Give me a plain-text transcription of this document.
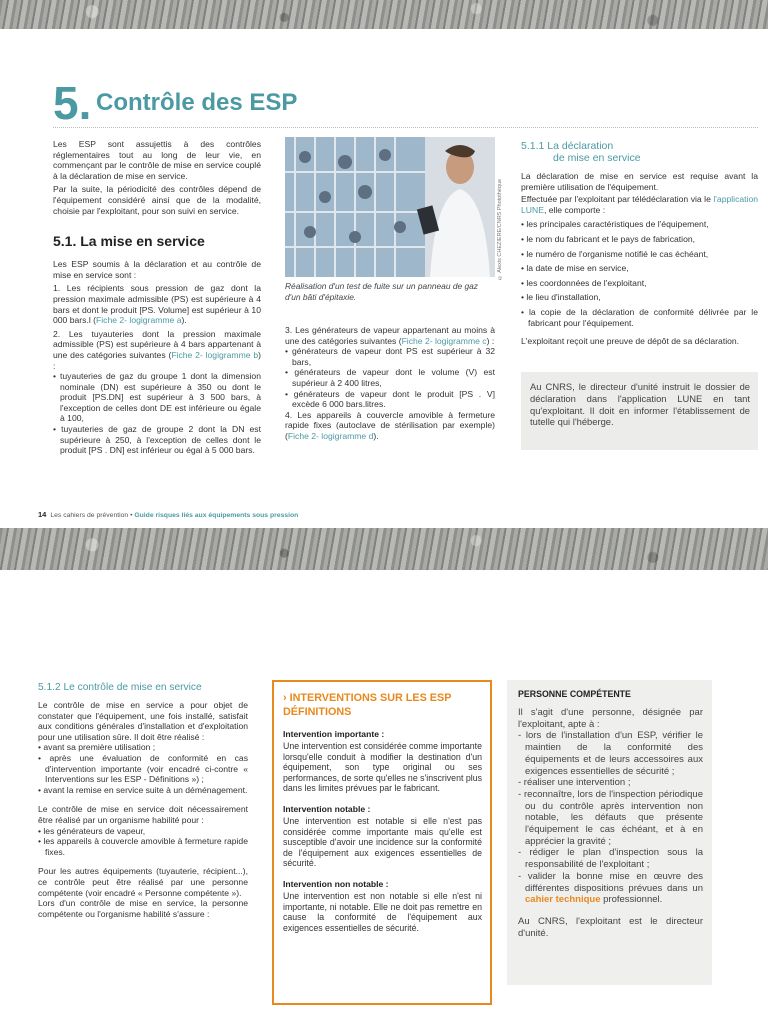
5. Contrôle des ESP

Les ESP sont assujettis à des contrôles réglementaires tout au long de leur vie, en commençant par le contrôle de mise en service couplé à la déclaration de mise en service.

Par la suite, la périodicité des contrôles dépend de l'équipement considéré ainsi que de la modalité, choisie par l'exploitant, pour son suivi en service.

5.1. La mise en service

Les ESP soumis à la déclaration et au contrôle de mise en service sont :

1. Les récipients sous pression de gaz dont la pression maximale admissible (PS) est supérieure à 4 bars et dont le produit [PS. Volume] est supérieur à 10 000 bars.l (Fiche 2- logigramme a).

2. Les tuyauteries dont la pression maximale admissible (PS) est supérieure à 4 bars appartenant à une des catégories suivantes (Fiche 2- logigramme b) :

• tuyauteries de gaz du groupe 1 dont la dimension nominale (DN) est supérieure à 350 ou dont le produit [PS.DN] est supérieur à 3 500 bars, à l'exception de celles dont DE est inférieure ou égale à 100,

• tuyauteries de gaz de groupe 2 dont la DN est supérieure à 250, à l'exception de celles dont le produit [PS . DN] est inférieur ou égal à 5 000 bars.

© Alexis CHEZIERE/CNRS Photothèque
Réalisation d'un test de fuite sur un panneau de gaz d'un bâti d'épitaxie.

3. Les générateurs de vapeur appartenant au moins à une des catégories suivantes (Fiche 2- logigramme c) :

• générateurs de vapeur dont PS est supérieur à 32 bars,

• générateurs de vapeur dont le volume (V) est supérieur à 2 400 litres,

• générateurs de vapeur dont le produit [PS . V] excède 6 000 bars.litres.

4. Les appareils à couvercle amovible à fermeture rapide fixes (autoclave de stérilisation par exemple) (Fiche 2- logigramme d).

5.1.1 La déclaration
de mise en service

La déclaration de mise en service est requise avant la première utilisation de l'équipement.

Effectuée par l'exploitant par télédéclaration via le l'application LUNE, elle comporte :

• les principales caractéristiques de l'équipement,

• le nom du fabricant et le pays de fabrication,

• le numéro de l'organisme notifié le cas échéant,

• la date de mise en service,

• les coordonnées de l'exploitant,

• le lieu d'installation,

• la copie de la déclaration de conformité délivrée par le fabricant pour l'équipement.

L'exploitant reçoit une preuve de dépôt de sa déclaration.

Au CNRS, le directeur d'unité instruit le dossier de déclaration dans l'application LUNE en tant qu'exploitant. Il doit en informer l'établissement de tutelle qui l'héberge.

14 Les cahiers de prévention • Guide risques liés aux équipements sous pression
5.1.2 Le contrôle de mise en service

Le contrôle de mise en service a pour objet de constater que l'équipement, une fois installé, satisfait aux conditions générales d'installation et d'exploitation pour une utilisation sûre. Il doit être réalisé :

• avant sa première utilisation ;

• après une évaluation de conformité en cas d'intervention importante (voir encadré ci-contre « Interventions sur les ESP - Définitions ») ;

• avant la remise en service suite à un déménagement.

Le contrôle de mise en service doit nécessairement être réalisé par un organisme habilité pour :

• les générateurs de vapeur,

• les appareils à couvercle amovible à fermeture rapide fixes.

Pour les autres équipements (tuyauterie, récipient...), ce contrôle peut être réalisé par une personne compétente (voir encadré « Personne compétente »).

Lors d'un contrôle de mise en service, la personne compétente ou l'organisme habilité s'assure :

› INTERVENTIONS SUR LES ESP DÉFINITIONS
Intervention importante :

Une intervention est considérée comme importante lorsqu'elle conduit à modifier la destination d'un équipement, son type original ou ses performances, de sorte qu'elles ne s'inscrivent plus dans les limites prévues par le fabricant.

Intervention notable :

Une intervention est notable si elle n'est pas considérée comme importante mais qu'elle est susceptible d'avoir une incidence sur la conformité de l'équipement aux exigences essentielles de sécurité.

Intervention non notable :

Une intervention est non notable si elle n'est ni importante, ni notable. Elle ne doit pas remettre en cause la conformité de l'équipement aux exigences essentielles de sécurité.

PERSONNE COMPÉTENTE

Il s'agit d'une personne, désignée par l'exploitant, apte à :

- lors de l'installation d'un ESP, vérifier le maintien de la conformité des équipements et de leurs accessoires aux exigences essentielles de sécurité ;

- réaliser une intervention ;

- reconnaître, lors de l'inspection périodique ou du contrôle après intervention non notable, les défauts que présente l'équipement le cas échéant, et à en apprécier la gravité ;

- rédiger le plan d'inspection sous la responsabilité de l'exploitant ;

- valider la bonne mise en œuvre des différentes dispositions prévues dans un cahier technique professionnel.

Au CNRS, l'exploitant est le directeur d'unité.
